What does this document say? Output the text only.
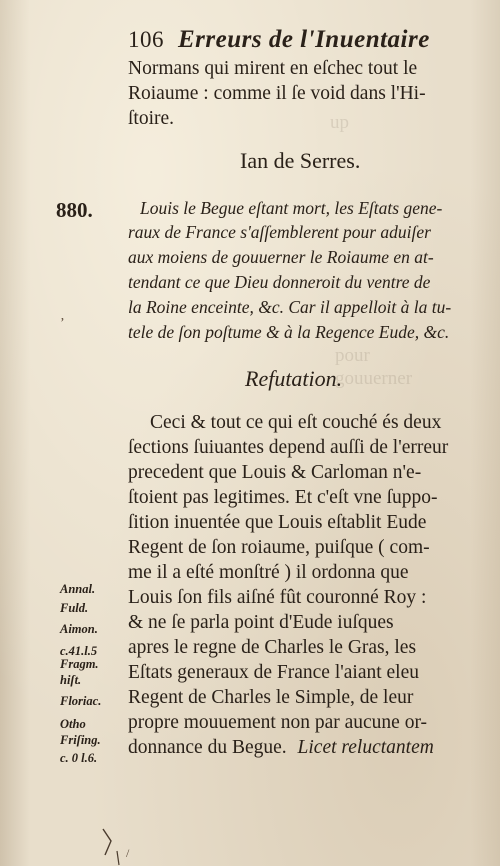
up
pour
gouuerner
106 Erreurs de l'Inuentaire
Normans qui mirent en eſchec tout le
Roiaume : comme il ſe void dans l'Hi-
ſtoire.
Ian de Serres.
880.	Louis le Begue eſtant mort, les Eſtats gene-
raux de France s'aſſemblerent pour aduiſer
aux moiens de gouuerner le Roiaume en at-
tendant ce que Dieu donneroit du ventre de
la Roine enceinte, &c. Car il appelloit à la tu-
tele de ſon poſtume & à la Regence Eude, &c.
ʼ
Refutation.
Ceci & tout ce qui eſt couché és deux
ſections ſuiuantes depend auſſi de l'erreur
precedent que Louis & Carloman n'e-
ſtoient pas legitimes. Et c'eſt vne ſuppo-
ſition inuentée que Louis eſtablit Eude
Regent de ſon roiaume, puiſque ( com-
me il a eſté monſtré ) il ordonna que
Louis ſon fils aiſné fût couronné Roy :
& ne ſe parla point d'Eude iuſques
apres le regne de Charles le Gras, les
Eſtats generaux de France l'aiant eleu
Regent de Charles le Simple, de leur
propre mouuement non par aucune or-
donnance du Begue. Licet reluctantem
Annal.
Fuld.
Aimon.
c.41.l.5
Fragm.
hiſt.
Floriac.
Otho
Friſing.
c. 0 l.6.
/
